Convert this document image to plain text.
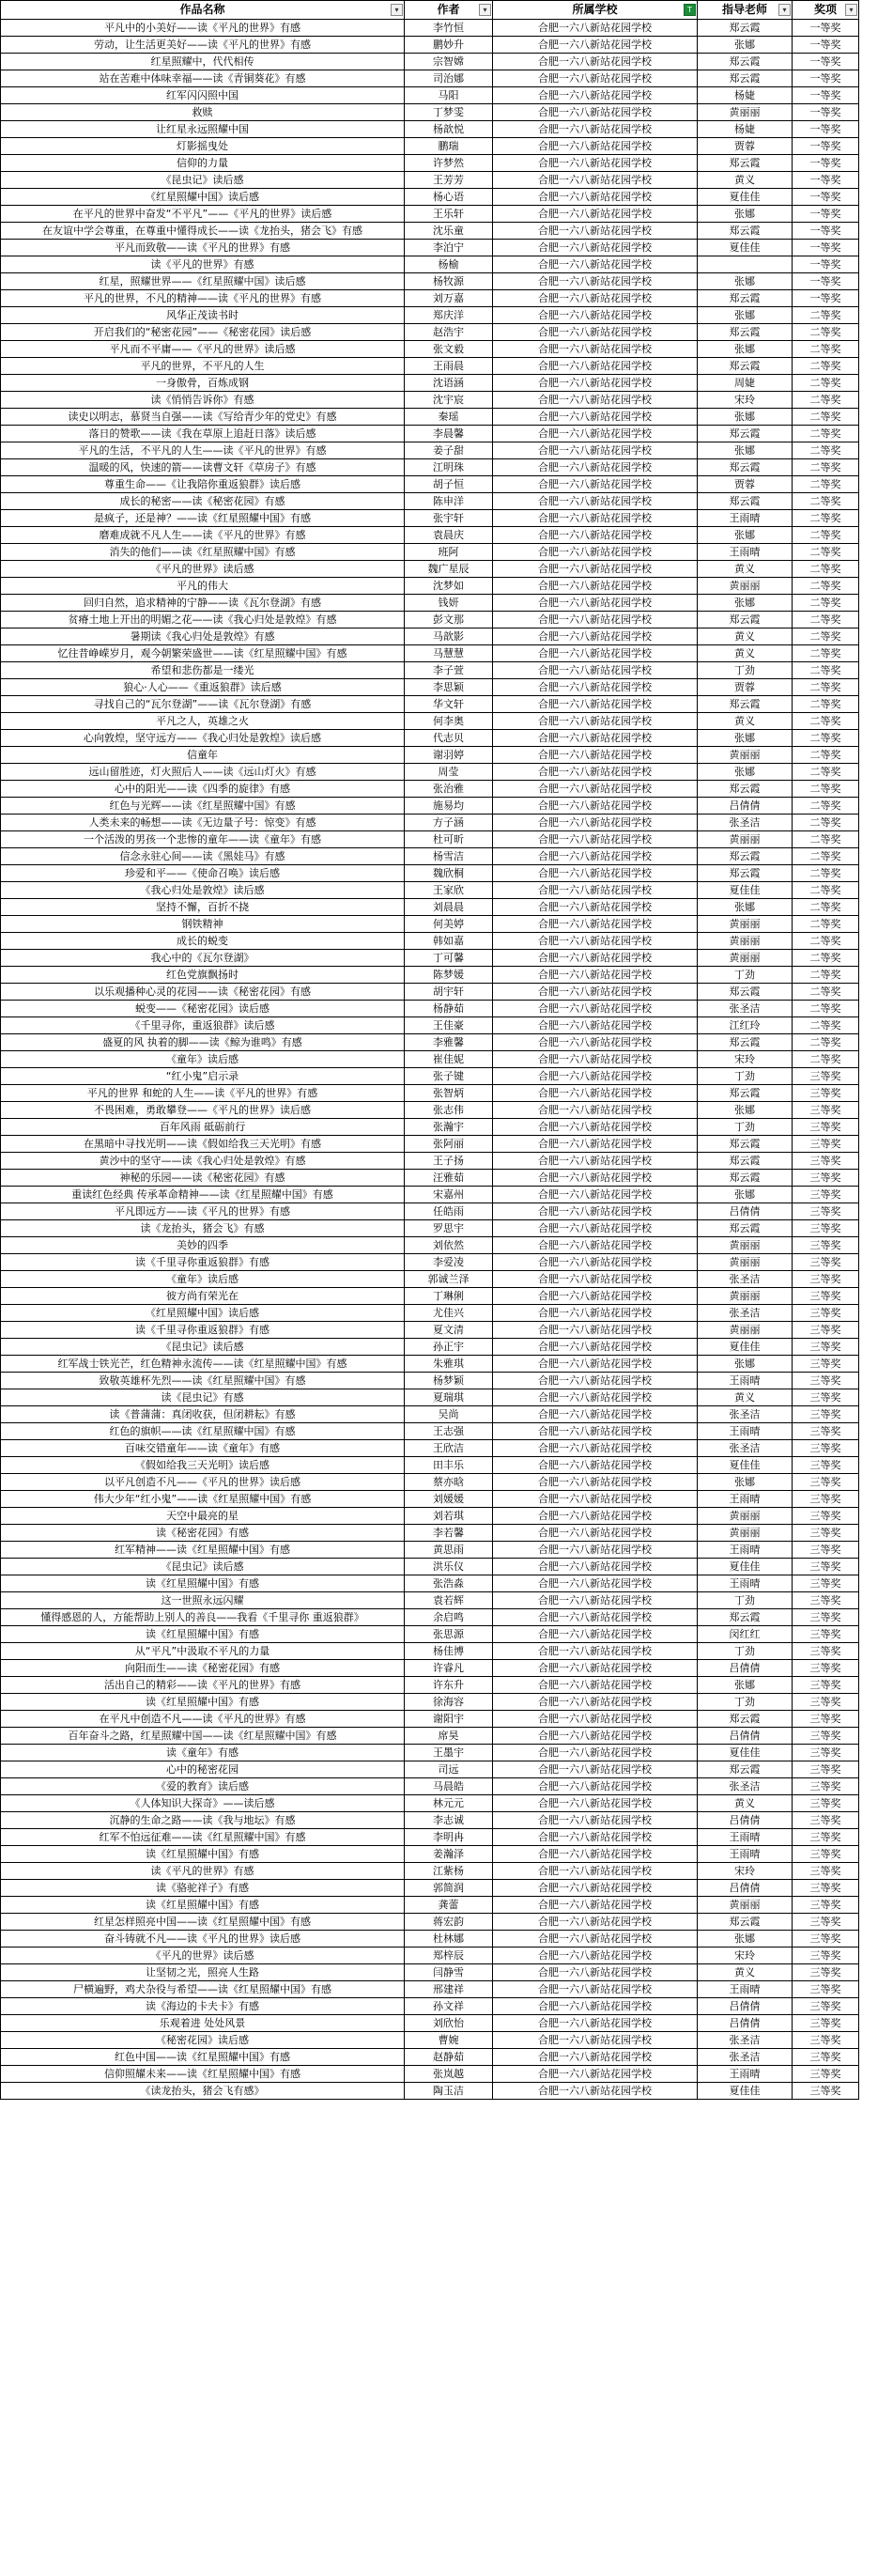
作品名称 ▾	作者 ▾	所属学校 T	指导老师 ▾	奖项 ▾	

平凡中的小美好——读《平凡的世界》有感	李竹恒	合肥一六八新站花园学校	郑云霞	一等奖	
劳动，让生活更美好——读《平凡的世界》有感	鹏妙升	合肥一六八新站花园学校	张娜	一等奖	
红星照耀中，代代相传	宗智嫦	合肥一六八新站花园学校	郑云霞	一等奖	
站在苦难中体味幸福——读《青铜葵花》有感	司治娜	合肥一六八新站花园学校	郑云霞	一等奖	
红军闪闪照中国	马阳	合肥一六八新站花园学校	杨婕	一等奖	
救赎	丁梦雯	合肥一六八新站花园学校	黄丽丽	一等奖	
让红星永远照耀中国	杨歆悦	合肥一六八新站花园学校	杨婕	一等奖	
灯影摇曳处	鹏瑞	合肥一六八新站花园学校	贾蓉	一等奖	
信仰的力量	许梦然	合肥一六八新站花园学校	郑云霞	一等奖	
《昆虫记》读后感	王芳芳	合肥一六八新站花园学校	黄义	一等奖	
《红星照耀中国》读后感	杨心语	合肥一六八新站花园学校	夏佳佳	一等奖	
在平凡的世界中奋发“不平凡”——《平凡的世界》读后感	王乐轩	合肥一六八新站花园学校	张娜	一等奖	
在友谊中学会尊重，在尊重中懂得成长——读《龙抬头，猪会飞》有感	沈乐童	合肥一六八新站花园学校	郑云霞	一等奖	
平凡而致敬——读《平凡的世界》有感	李泊宁	合肥一六八新站花园学校	夏佳佳	一等奖	
读《平凡的世界》有感	杨榆	合肥一六八新站花园学校		一等奖	
红星，照耀世界——《红星照耀中国》读后感	杨牧源	合肥一六八新站花园学校	张娜	一等奖	
平凡的世界，不凡的精神——读《平凡的世界》有感	刘万嘉	合肥一六八新站花园学校	郑云霞	一等奖	
风华正茂读书时	郑庆洋	合肥一六八新站花园学校	张娜	二等奖	
开启我们的“秘密花园”——《秘密花园》读后感	赵浩宇	合肥一六八新站花园学校	郑云霞	二等奖	
平凡而不平庸——《平凡的世界》读后感	张文毅	合肥一六八新站花园学校	张娜	二等奖	
平凡的世界，不平凡的人生	王雨晨	合肥一六八新站花园学校	郑云霞	二等奖	
一身傲骨，百炼成钢	沈语涵	合肥一六八新站花园学校	周婕	二等奖	
读《悄悄告诉你》有感	沈宇宸	合肥一六八新站花园学校	宋玲	二等奖	
读史以明志，慕贤当自强——读《写给青少年的党史》有感	秦瑶	合肥一六八新站花园学校	张娜	二等奖	
落日的赞歌——读《我在草原上追赶日落》读后感	李晨馨	合肥一六八新站花园学校	郑云霞	二等奖	
平凡的生活，不平凡的人生——读《平凡的世界》有感	姜子甜	合肥一六八新站花园学校	张娜	二等奖	
温暖的风，快速的箭——读曹文轩《草房子》有感	江明珠	合肥一六八新站花园学校	郑云霞	二等奖	
尊重生命——《让我陪你重返狼群》读后感	胡子恒	合肥一六八新站花园学校	贾蓉	二等奖	
成长的秘密——读《秘密花园》有感	陈申洋	合肥一六八新站花园学校	郑云霞	二等奖	
是疯子，还是神？——读《红星照耀中国》有感	张宇轩	合肥一六八新站花园学校	王雨晴	二等奖	
磨难成就不凡人生——读《平凡的世界》有感	袁晨庆	合肥一六八新站花园学校	张娜	二等奖	
消失的他们——读《红星照耀中国》有感	班阿	合肥一六八新站花园学校	王雨晴	二等奖	
《平凡的世界》读后感	魏广星辰	合肥一六八新站花园学校	黄义	二等奖	
平凡的伟大	沈梦如	合肥一六八新站花园学校	黄丽丽	二等奖	
回归自然，追求精神的宁静——读《瓦尔登湖》有感	钱妍	合肥一六八新站花园学校	张娜	二等奖	
贫瘠土地上开出的明媚之花——读《我心归处是敦煌》有感	彭文那	合肥一六八新站花园学校	郑云霞	二等奖	
暑期读《我心归处是敦煌》有感	马歆影	合肥一六八新站花园学校	黄义	二等奖	
忆往昔峥嵘岁月，观今朝繁荣盛世——读《红星照耀中国》有感	马慧慧	合肥一六八新站花园学校	黄义	二等奖	
希望和悲伤都是一缕光	李子萱	合肥一六八新站花园学校	丁劲	二等奖	
狼心·人心——《重返狼群》读后感	李思颖	合肥一六八新站花园学校	贾蓉	二等奖	
寻找自己的“瓦尔登湖”——读《瓦尔登湖》有感	华文轩	合肥一六八新站花园学校	郑云霞	二等奖	
平凡之人，英雄之火	何李奥	合肥一六八新站花园学校	黄义	二等奖	
心向敦煌，坚守远方——《我心归处是敦煌》读后感	代志贝	合肥一六八新站花园学校	张娜	二等奖	
信童年	谢羽婷	合肥一六八新站花园学校	黄丽丽	二等奖	
远山留胜迹，灯火照后人——读《远山灯火》有感	周莹	合肥一六八新站花园学校	张娜	二等奖	
心中的阳光——读《四季的旋律》有感	张治雅	合肥一六八新站花园学校	郑云霞	二等奖	
红色与光辉——读《红星照耀中国》有感	施易均	合肥一六八新站花园学校	吕倩倩	二等奖	
人类未来的畅想——读《无边量子号：惊变》有感	方子涵	合肥一六八新站花园学校	张圣洁	二等奖	
一个活泼的男孩一个悲惨的童年——读《童年》有感	杜可昕	合肥一六八新站花园学校	黄丽丽	二等奖	
信念永驻心间——读《黑娃马》有感	杨雪洁	合肥一六八新站花园学校	郑云霞	二等奖	
珍爱和平——《使命召唤》读后感	魏欣桐	合肥一六八新站花园学校	郑云霞	二等奖	
《我心归处是敦煌》读后感	王家欣	合肥一六八新站花园学校	夏佳佳	二等奖	
坚持不懈，百折不挠	刘晨晨	合肥一六八新站花园学校	张娜	二等奖	
钢铁精神	何美婷	合肥一六八新站花园学校	黄丽丽	二等奖	
成长的蜕变	韩如嘉	合肥一六八新站花园学校	黄丽丽	二等奖	
我心中的《瓦尔登湖》	丁可馨	合肥一六八新站花园学校	黄丽丽	二等奖	
红色党旗飘扬时	陈梦媛	合肥一六八新站花园学校	丁劲	二等奖	
以乐观播种心灵的花园——读《秘密花园》有感	胡宇轩	合肥一六八新站花园学校	郑云霞	二等奖	
蜕变——《秘密花园》读后感	杨静茹	合肥一六八新站花园学校	张圣洁	二等奖	
《千里寻你，重返狼群》读后感	王佳豪	合肥一六八新站花园学校	江红玲	二等奖	
盛夏的风 执着的脚——读《鲸为谁鸣》有感	李雅馨	合肥一六八新站花园学校	郑云霞	二等奖	
《童年》读后感	崔佳妮	合肥一六八新站花园学校	宋玲	二等奖	
“红小鬼”启示录	张子键	合肥一六八新站花园学校	丁劲	三等奖	
平凡的世界 和蛇的人生——读《平凡的世界》有感	张智炳	合肥一六八新站花园学校	郑云霞	三等奖	
不畏困难，勇敢攀登——《平凡的世界》读后感	张志伟	合肥一六八新站花园学校	张娜	三等奖	
百年风雨 砥砺前行	张瀚宇	合肥一六八新站花园学校	丁劲	三等奖	
在黑暗中寻找光明——读《假如给我三天光明》有感	张阿丽	合肥一六八新站花园学校	郑云霞	三等奖	
黄沙中的坚守——读《我心归处是敦煌》有感	王子扬	合肥一六八新站花园学校	郑云霞	三等奖	
神秘的乐园——读《秘密花园》有感	汪雅茹	合肥一六八新站花园学校	郑云霞	三等奖	
重读红色经典 传承革命精神——读《红星照耀中国》有感	宋嘉州	合肥一六八新站花园学校	张娜	三等奖	
平凡即远方——读《平凡的世界》有感	任皓雨	合肥一六八新站花园学校	吕倩倩	三等奖	
读《龙抬头，猪会飞》有感	罗思宇	合肥一六八新站花园学校	郑云霞	三等奖	
美妙的四季	刘依然	合肥一六八新站花园学校	黄丽丽	三等奖	
读《千里寻你重返狼群》有感	李爱凌	合肥一六八新站花园学校	黄丽丽	三等奖	
《童年》读后感	郭诚兰泽	合肥一六八新站花园学校	张圣洁	三等奖	
彼方尚有荣光在	丁琳俐	合肥一六八新站花园学校	黄丽丽	三等奖	
《红星照耀中国》读后感	尤佳兴	合肥一六八新站花园学校	张圣洁	三等奖	
读《千里寻你重返狼群》有感	夏文清	合肥一六八新站花园学校	黄丽丽	三等奖	
《昆虫记》读后感	孙正宇	合肥一六八新站花园学校	夏佳佳	三等奖	
红军战士铁光芒，红色精神永流传——读《红星照耀中国》有感	朱雅琪	合肥一六八新站花园学校	张娜	三等奖	
致敬英雄杯先烈——读《红星照耀中国》有感	杨梦颖	合肥一六八新站花园学校	王雨晴	三等奖	
读《昆虫记》有感	夏瑞琪	合肥一六八新站花园学校	黄义	三等奖	
读《普蒲蒲：真闭收获，但闭耕耘》有感	吴尚	合肥一六八新站花园学校	张圣洁	三等奖	
红色的旗帜——读《红星照耀中国》有感	王志强	合肥一六八新站花园学校	王雨晴	三等奖	
百味交错童年——读《童年》有感	王欣洁	合肥一六八新站花园学校	张圣洁	三等奖	
《假如给我三天光明》读后感	田丰乐	合肥一六八新站花园学校	夏佳佳	三等奖	
以平凡创造不凡——《平凡的世界》读后感	蔡亦晗	合肥一六八新站花园学校	张娜	三等奖	
伟大少年“红小鬼”——读《红星照耀中国》有感	刘媛媛	合肥一六八新站花园学校	王雨晴	三等奖	
天空中最亮的星	刘若琪	合肥一六八新站花园学校	黄丽丽	三等奖	
读《秘密花园》有感	李若馨	合肥一六八新站花园学校	黄丽丽	三等奖	
红军精神——读《红星照耀中国》有感	黄思雨	合肥一六八新站花园学校	王雨晴	三等奖	
《昆虫记》读后感	洪乐仪	合肥一六八新站花园学校	夏佳佳	三等奖	
读《红星照耀中国》有感	张浩淼	合肥一六八新站花园学校	王雨晴	三等奖	
这一世照永远闪耀	袁若辉	合肥一六八新站花园学校	丁劲	三等奖	
懂得感恩的人，方能帮助上别人的善良——我看《千里寻你 重返狼群》	余启鸣	合肥一六八新站花园学校	郑云霞	三等奖	
读《红星照耀中国》有感	张思源	合肥一六八新站花园学校	闵红红	三等奖	
从“平凡”中汲取不平凡的力量	杨佳博	合肥一六八新站花园学校	丁劲	三等奖	
向阳而生——读《秘密花园》有感	许睿凡	合肥一六八新站花园学校	吕倩倩	三等奖	
活出自己的精彩——读《平凡的世界》有感	许东升	合肥一六八新站花园学校	张娜	三等奖	
读《红星照耀中国》有感	徐海容	合肥一六八新站花园学校	丁劲	三等奖	
在平凡中创造不凡——读《平凡的世界》有感	谢阳宇	合肥一六八新站花园学校	郑云霞	三等奖	
百年奋斗之路，红星照耀中国——读《红星照耀中国》有感	席昊	合肥一六八新站花园学校	吕倩倩	三等奖	
读《童年》有感	王墨宇	合肥一六八新站花园学校	夏佳佳	三等奖	
心中的秘密花园	司远	合肥一六八新站花园学校	郑云霞	三等奖	
《爱的教育》读后感	马晨皓	合肥一六八新站花园学校	张圣洁	三等奖	
《人体知识大探奇》——读后感	林元元	合肥一六八新站花园学校	黄义	三等奖	
沉静的生命之路——读《我与地坛》有感	李志诚	合肥一六八新站花园学校	吕倩倩	三等奖	
红军不怕远征难——读《红星照耀中国》有感	李明冉	合肥一六八新站花园学校	王雨晴	三等奖	
读《红星照耀中国》有感	姜瀚泽	合肥一六八新站花园学校	王雨晴	三等奖	
读《平凡的世界》有感	江紫杨	合肥一六八新站花园学校	宋玲	三等奖	
读《骆驼祥子》有感	郭简润	合肥一六八新站花园学校	吕倩倩	三等奖	
读《红星照耀中国》有感	龚蕾	合肥一六八新站花园学校	黄丽丽	三等奖	
红星怎样照亮中国——读《红星照耀中国》有感	蒋宏韵	合肥一六八新站花园学校	郑云霞	三等奖	
奋斗铸就不凡——读《平凡的世界》读后感	杜林娜	合肥一六八新站花园学校	张娜	三等奖	
《平凡的世界》读后感	郑梓辰	合肥一六八新站花园学校	宋玲	三等奖	
让坚韧之光，照亮人生路	闫静雪	合肥一六八新站花园学校	黄义	三等奖	
尸横遍野，鸡犬杂役与希望——读《红星照耀中国》有感	邢建祥	合肥一六八新站花园学校	王雨晴	三等奖	
读《海边的卡夫卡》有感	孙文祥	合肥一六八新站花园学校	吕倩倩	三等奖	
乐观着进 处处风景	刘欣怡	合肥一六八新站花园学校	吕倩倩	三等奖	
《秘密花园》读后感	曹婉	合肥一六八新站花园学校	张圣洁	三等奖	
红色中国——读《红星照耀中国》有感	赵静茹	合肥一六八新站花园学校	张圣洁	三等奖	
信仰照耀未来——读《红星照耀中国》有感	张岚越	合肥一六八新站花园学校	王雨晴	三等奖	
《读龙抬头，猪会飞有感》	陶玉洁	合肥一六八新站花园学校	夏佳佳	三等奖	
